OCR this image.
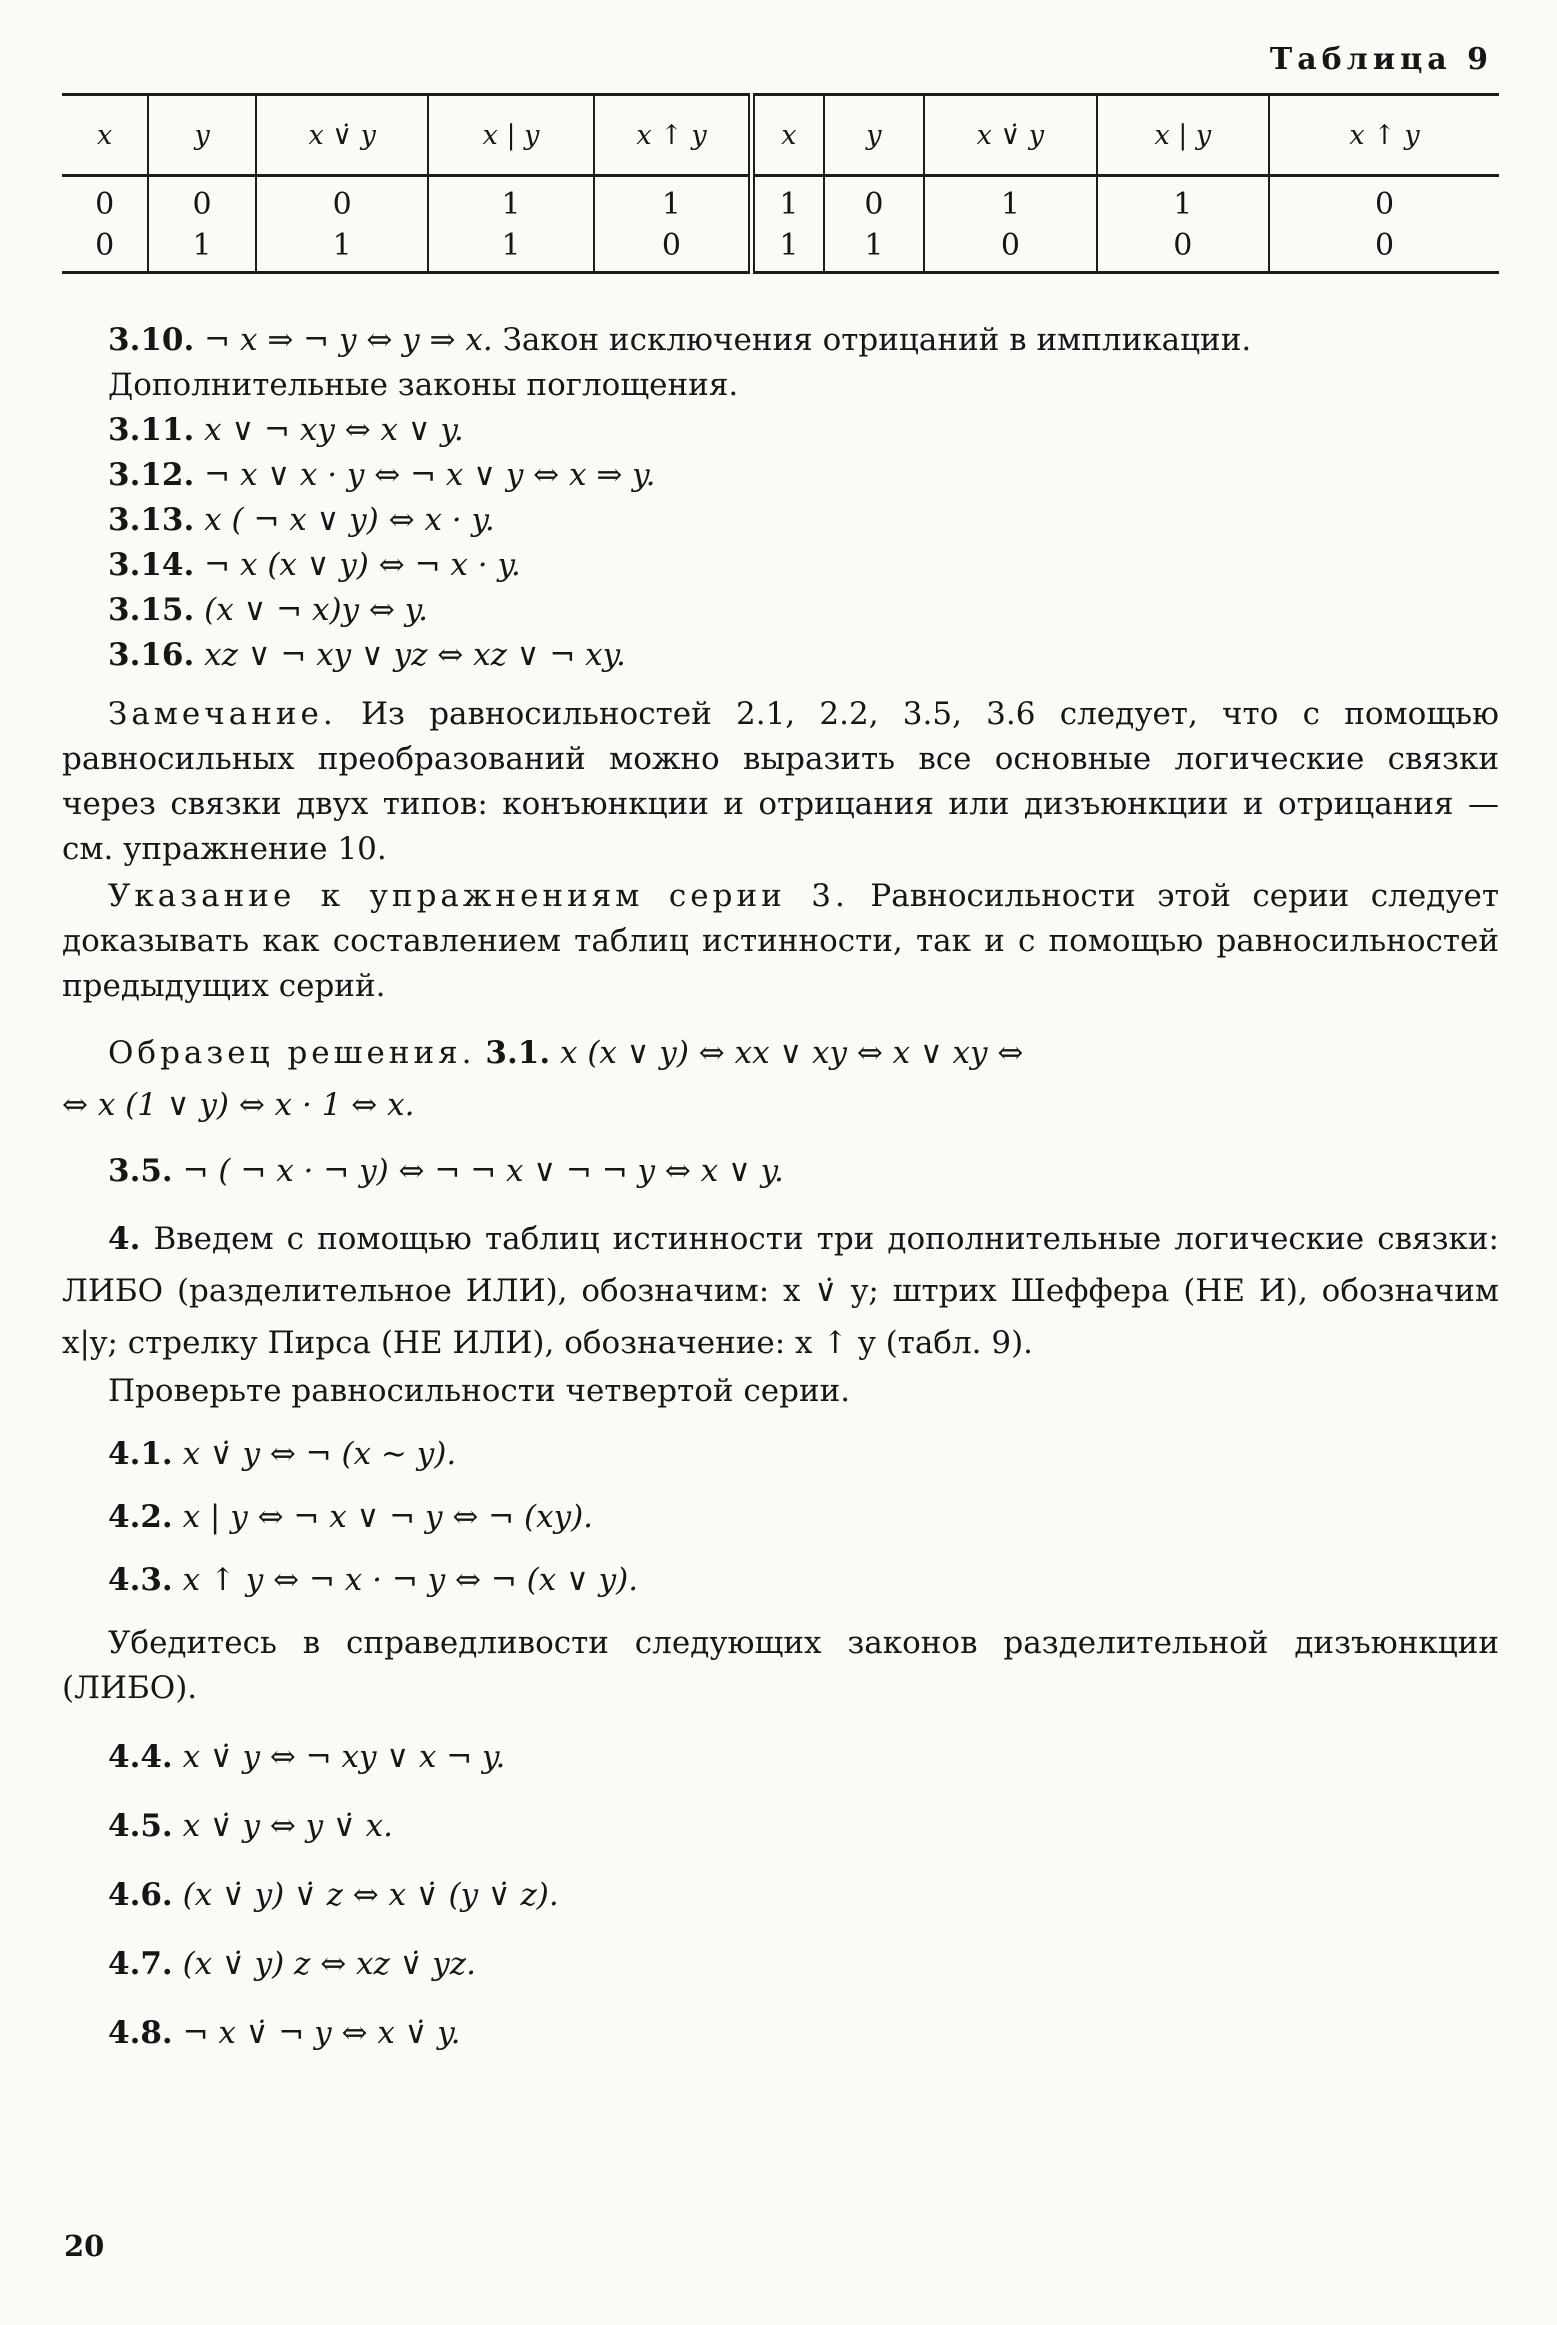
Таблица 9
x	y	x ∨̇ y	x | y	x ↑ y	x	y	x ∨̇ y	x | y	x ↑ y
0	0	0	1	1	1	0	1	1	0
0	1	1	1	0	1	1	0	0	0

3.10. ¬ x ⇒ ¬ y ⇔ y ⇒ x. Закон исключения отрицаний в импликации.

Дополнительные законы поглощения.

3.11. x ∨ ¬ xy ⇔ x ∨ y.

3.12. ¬ x ∨ x · y ⇔ ¬ x ∨ y ⇔ x ⇒ y.

3.13. x ( ¬ x ∨ y) ⇔ x · y.

3.14. ¬ x (x ∨ y) ⇔ ¬ x · y.

3.15. (x ∨ ¬ x)y ⇔ y.

3.16. xz ∨ ¬ xy ∨ yz ⇔ xz ∨ ¬ xy.

Замечание. Из равносильностей 2.1, 2.2, 3.5, 3.6 следует, что с помощью равносильных преобразований можно выразить все основные логические связки через связки двух типов: конъюнкции и отрицания или дизъюнкции и отрицания — см. упражнение 10.

Указание к упражнениям серии 3. Равносильности этой серии следует доказывать как составлением таблиц истинности, так и с помощью равносильностей предыдущих серий.

Образец решения. 3.1. x (x ∨ y) ⇔ xx ∨ xy ⇔ x ∨ xy ⇔
⇔ x (1 ∨ y) ⇔ x · 1 ⇔ x.

3.5. ¬ ( ¬ x · ¬ y) ⇔ ¬ ¬ x ∨ ¬ ¬ y ⇔ x ∨ y.

4. Введем с помощью таблиц истинности три дополнительные логические связки: ЛИБО (разделительное ИЛИ), обозначим: x ∨̇ y; штрих Шеффера (НЕ И), обозначим x|y; стрелку Пирса (НЕ ИЛИ), обозначение: x ↑ y (табл. 9).

Проверьте равносильности четвертой серии.

4.1. x ∨̇ y ⇔ ¬ (x ∼ y).

4.2. x | y ⇔ ¬ x ∨ ¬ y ⇔ ¬ (xy).

4.3. x ↑ y ⇔ ¬ x · ¬ y ⇔ ¬ (x ∨ y).

Убедитесь в справедливости следующих законов разделительной дизъюнкции (ЛИБО).

4.4. x ∨̇ y ⇔ ¬ xy ∨ x ¬ y.

4.5. x ∨̇ y ⇔ y ∨̇ x.

4.6. (x ∨̇ y) ∨̇ z ⇔ x ∨̇ (y ∨̇ z).

4.7. (x ∨̇ y) z ⇔ xz ∨̇ yz.

4.8. ¬ x ∨̇ ¬ y ⇔ x ∨̇ y.

20
